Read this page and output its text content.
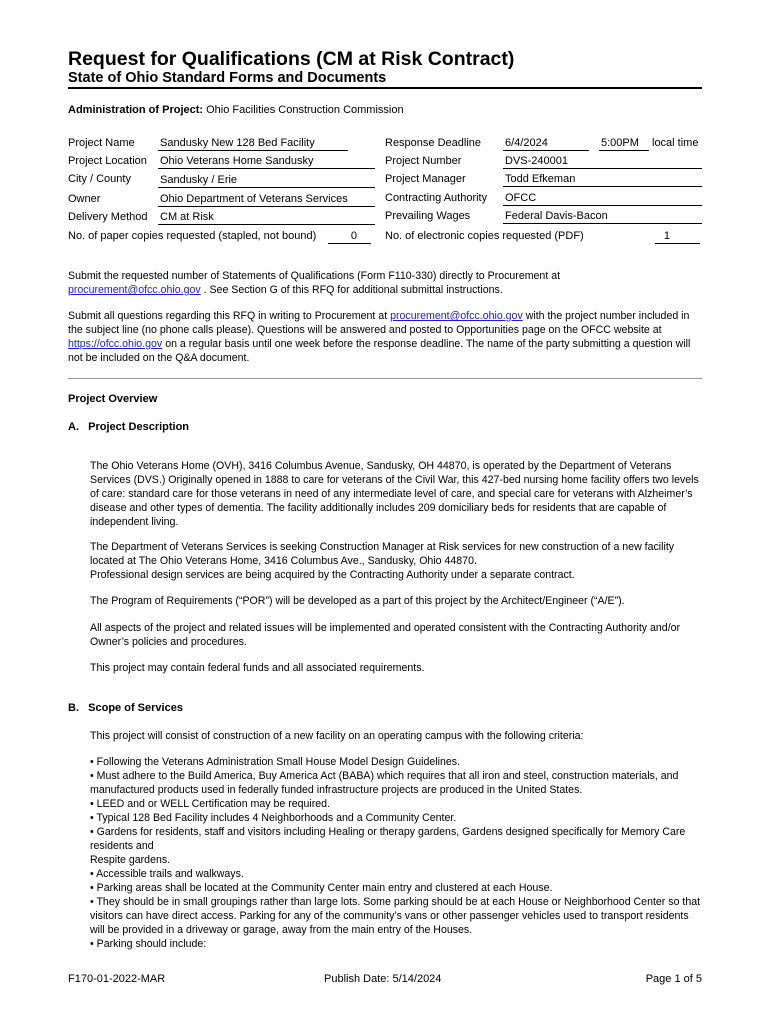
Request for Qualifications (CM at Risk Contract)
State of Ohio Standard Forms and Documents
Administration of Project: Ohio Facilities Construction Commission
Project Name Sandusky New 128 Bed Facility
Project Location Ohio Veterans Home Sandusky
City / County	Sandusky / Erie
Owner	Ohio Department of Veterans Services
Delivery Method CM at Risk
No. of paper copies requested (stapled, not bound)	0
Response Deadline 6/4/2024	5:00PM	local time
Project Number	DVS-240001
Project Manager	Todd Efkeman
Contracting Authority OFCC
Prevailing Wages	Federal Davis-Bacon
No. of electronic copies requested (PDF)	1
Submit the requested number of Statements of Qualifications (Form F110-330) directly to Procurement at
procurement@ofcc.ohio.gov . See Section G of this RFQ for additional submittal instructions.
Submit all questions regarding this RFQ in writing to Procurement at procurement@ofcc.ohio.gov with the project number included in the subject line (no phone calls please). Questions will be answered and posted to Opportunities page on the OFCC website at https://ofcc.ohio.gov on a regular basis until one week before the response deadline. The name of the party submitting a question will not be included on the Q&A document.
Project Overview
A.   Project Description
The Ohio Veterans Home (OVH), 3416 Columbus Avenue, Sandusky, OH 44870, is operated by the Department of Veterans Services (DVS.) Originally opened in 1888 to care for veterans of the Civil War, this 427-bed nursing home facility offers two levels of care: standard care for those veterans in need of any intermediate level of care, and special care for veterans with Alzheimer’s disease and other types of dementia. The facility additionally includes 209 domiciliary beds for residents that are capable of independent living.

The Department of Veterans Services is seeking Construction Manager at Risk services for new construction of a new facility located at The Ohio Veterans Home, 3416 Columbus Ave., Sandusky, Ohio 44870.

Professional design services are being acquired by the Contracting Authority under a separate contract.

The Program of Requirements (“POR”) will be developed as a part of this project by the Architect/Engineer (“A/E”).
All aspects of the project and related issues will be implemented and operated consistent with the Contracting Authority and/or Owner’s policies and procedures.
This project may contain federal funds and all associated requirements.
B.   Scope of Services
This project will consist of construction of a new facility on an operating campus with the following criteria:

• Following the Veterans Administration Small House Model Design Guidelines.

• Must adhere to the Build America, Buy America Act (BABA) which requires that all iron and steel, construction materials, and manufactured products used in federally funded infrastructure projects are produced in the United States.

• LEED and or WELL Certification may be required.

• Typical 128 Bed Facility includes 4 Neighborhoods and a Community Center.

• Gardens for residents, staff and visitors including Healing or therapy gardens, Gardens designed specifically for Memory Care residents and

Respite gardens.

• Accessible trails and walkways.

• Parking areas shall be located at the Community Center main entry and clustered at each House.

• They should be in small groupings rather than large lots. Some parking should be at each House or Neighborhood Center so that visitors can have direct access. Parking for any of the community’s vans or other passenger vehicles used to transport residents will be provided in a driveway or garage, away from the main entry of the Houses.

• Parking should include:

F170-01-2022-MAR	Publish Date: 5/14/2024	Page 1 of 5
